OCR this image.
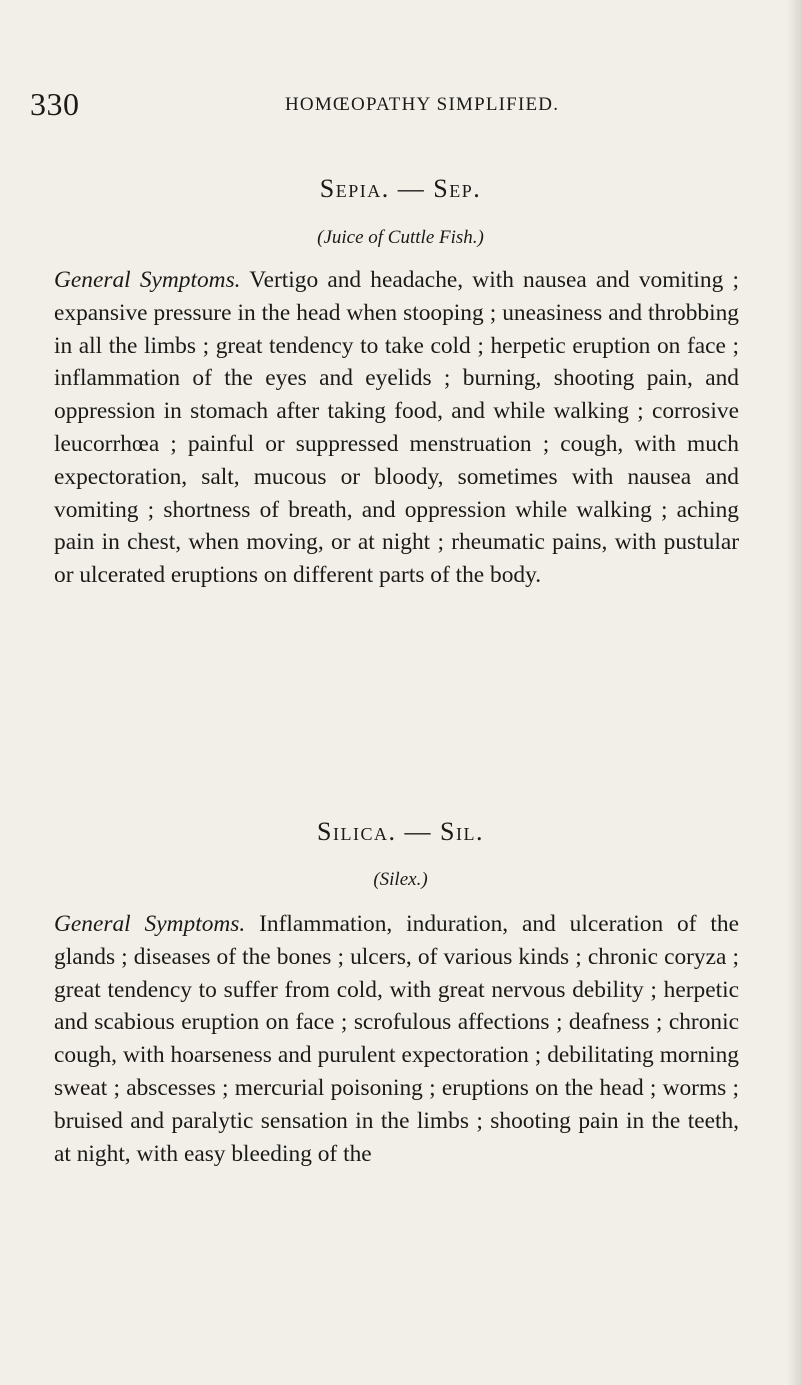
330	HOMŒOPATHY SIMPLIFIED.
Sepia. — Sep.
(Juice of Cuttle Fish.)

General Symptoms. Vertigo and headache, with nausea and vomiting ; expansive pressure in the head when stooping ; uneasiness and throbbing in all the limbs ; great tendency to take cold ; herpetic eruption on face ; inflammation of the eyes and eyelids ; burning, shooting pain, and oppression in stomach after taking food, and while walking ; corrosive leucorrhœa ; painful or suppressed menstruation ; cough, with much expectoration, salt, mucous or bloody, sometimes with nausea and vomiting ; shortness of breath, and oppression while walking ; aching pain in chest, when moving, or at night ; rheumatic pains, with pustular or ulcerated eruptions on different parts of the body.

Silica. — Sil.
(Silex.)

General Symptoms. Inflammation, induration, and ulceration of the glands ; diseases of the bones ; ulcers, of various kinds ; chronic coryza ; great tendency to suffer from cold, with great nervous debility ; herpetic and scabious eruption on face ; scrofulous affections ; deafness ; chronic cough, with hoarseness and purulent expectoration ; debilitating morning sweat ; abscesses ; mercurial poisoning ; eruptions on the head ; worms ; bruised and paralytic sensation in the limbs ; shooting pain in the teeth, at night, with easy bleeding of the
